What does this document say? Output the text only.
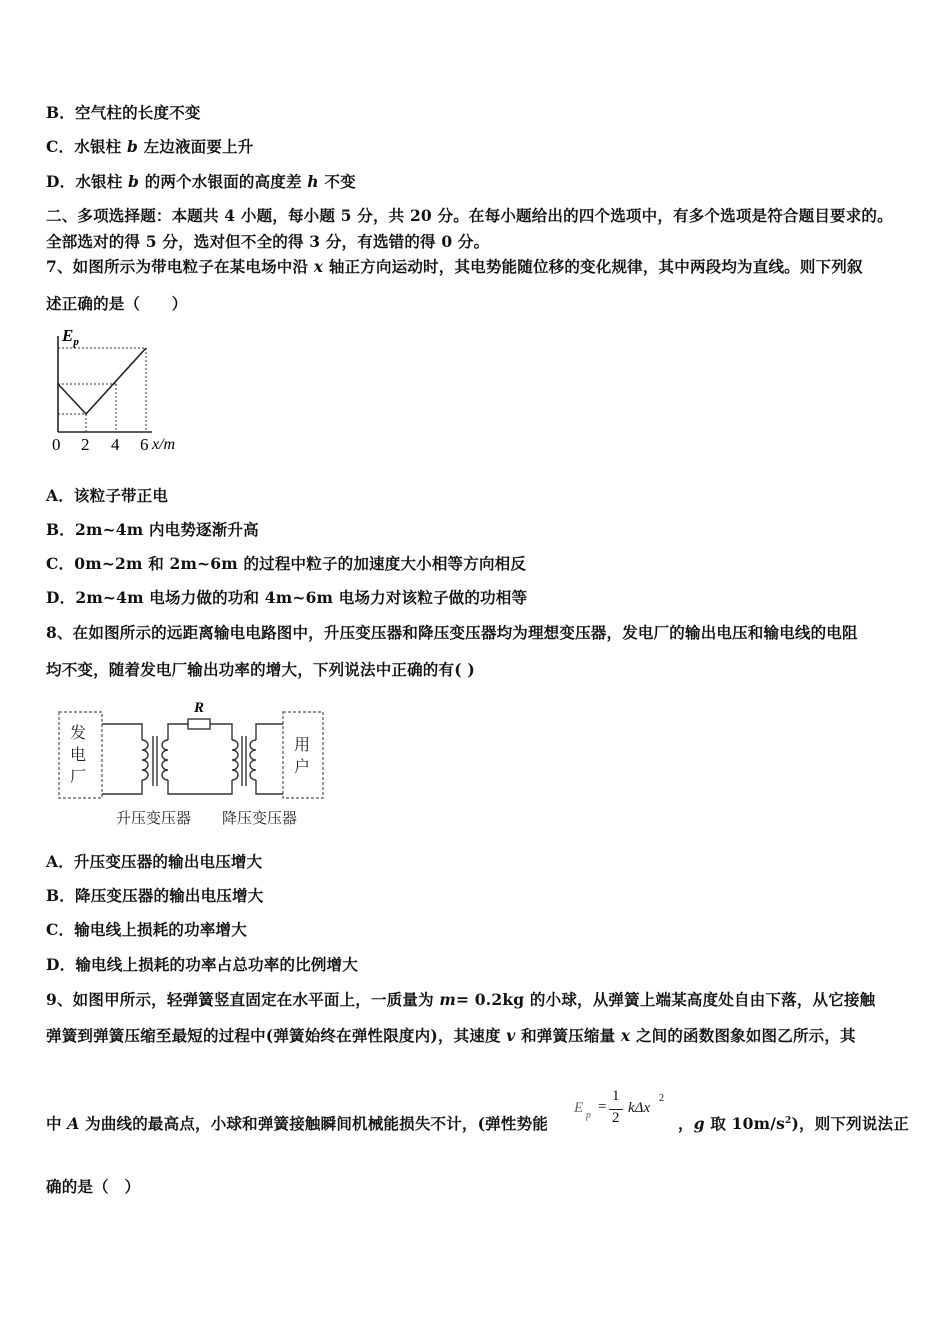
B．空气柱的长度不变
C．水银柱 b 左边液面要上升
D．水银柱 b 的两个水银面的高度差 h 不变
二、多项选择题：本题共 4 小题，每小题 5 分，共 20 分。在每小题给出的四个选项中，有多个选项是符合题目要求的。
全部选对的得 5 分，选对但不全的得 3 分，有选错的得 0 分。
7、如图所示为带电粒子在某电场中沿 x 轴正方向运动时，其电势能随位移的变化规律，其中两段均为直线。则下列叙
述正确的是（　　）
$E_p$
0 2 4 6 x/m
A．该粒子带正电
B．2m~4m 内电势逐渐升高
C．0m~2m 和 2m~6m 的过程中粒子的加速度大小相等方向相反
D．2m~4m 电场力做的功和 4m~6m 电场力对该粒子做的功相等
8、在如图所示的远距离输电电路图中，升压变压器和降压变压器均为理想变压器，发电厂的输出电压和输电线的电阻
均不变，随着发电厂输出功率的增大，下列说法中正确的有( )
发
电
厂
用
户
R
升压变压器 降压变压器
A．升压变压器的输出电压增大
B．降压变压器的输出电压增大
C．输电线上损耗的功率增大
D．输电线上损耗的功率占总功率的比例增大
9、如图甲所示，轻弹簧竖直固定在水平面上，一质量为 m= 0.2kg 的小球，从弹簧上端某高度处自由下落，从它接触
弹簧到弹簧压缩至最短的过程中(弹簧始终在弹性限度内)，其速度 v 和弹簧压缩量 x 之间的函数图象如图乙所示，其
中 A 为曲线的最高点，小球和弹簧接触瞬间机械能损失不计，(弹性势能
E p
=
1
2
kΔx
2
，g 取 $10m/s^2$)，则下列说法正
确的是（　）
